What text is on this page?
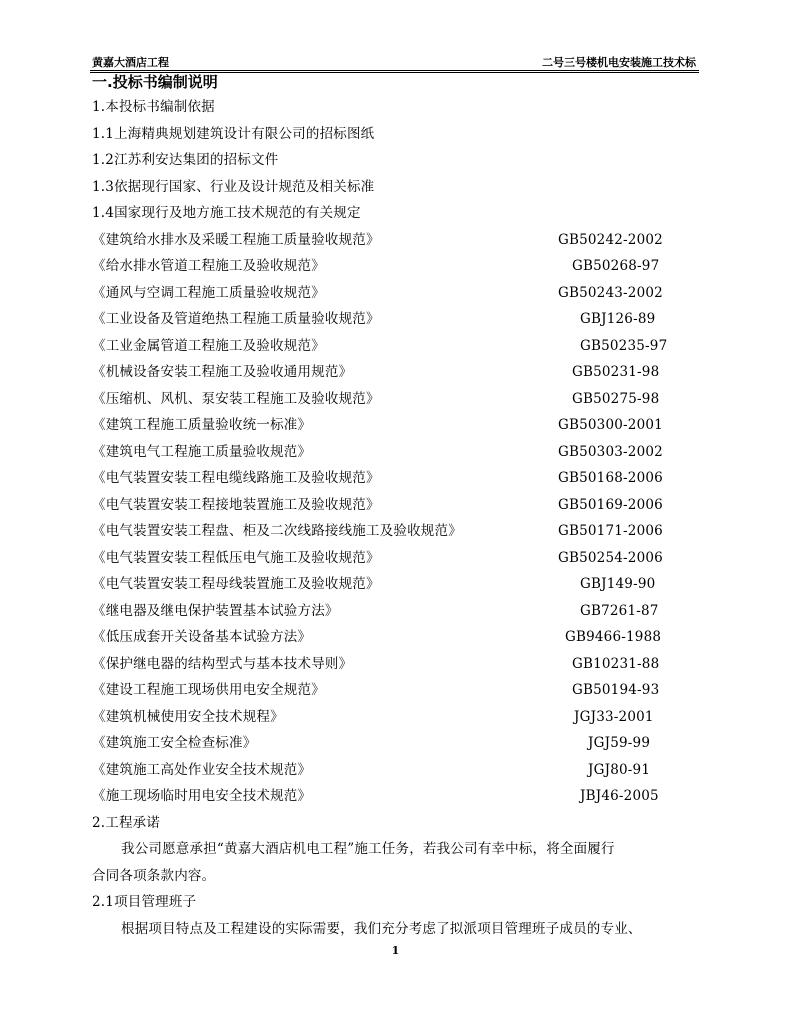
黄嘉大酒店工程	二号三号楼机电安装施工技术标
一.投标书编制说明
1.本投标书编制依据
1.1上海精典规划建筑设计有限公司的招标图纸
1.2江苏利安达集团的招标文件
1.3依据现行国家、行业及设计规范及相关标准
1.4国家现行及地方施工技术规范的有关规定
《建筑给水排水及采暖工程施工质量验收规范》	GB50242-2002
《给水排水管道工程施工及验收规范》	GB50268-97
《通风与空调工程施工质量验收规范》	GB50243-2002
《工业设备及管道绝热工程施工质量验收规范》	GBJ126-89
《工业金属管道工程施工及验收规范》	GB50235-97
《机械设备安装工程施工及验收通用规范》	GB50231-98
《压缩机、风机、泵安装工程施工及验收规范》	GB50275-98
《建筑工程施工质量验收统一标准》	GB50300-2001
《建筑电气工程施工质量验收规范》	GB50303-2002
《电气装置安装工程电缆线路施工及验收规范》	GB50168-2006
《电气装置安装工程接地装置施工及验收规范》	GB50169-2006
《电气装置安装工程盘、柜及二次线路接线施工及验收规范》	GB50171-2006
《电气装置安装工程低压电气施工及验收规范》	GB50254-2006
《电气装置安装工程母线装置施工及验收规范》	GBJ149-90
《继电器及继电保护装置基本试验方法》	GB7261-87
《低压成套开关设备基本试验方法》	GB9466-1988
《保护继电器的结构型式与基本技术导则》	GB10231-88
《建设工程施工现场供用电安全规范》	GB50194-93
《建筑机械使用安全技术规程》	JGJ33-2001
《建筑施工安全检查标准》	JGJ59-99
《建筑施工高处作业安全技术规范》	JGJ80-91
《施工现场临时用电安全技术规范》	JBJ46-2005
2.工程承诺
我公司愿意承担“黄嘉大酒店机电工程”施工任务，若我公司有幸中标，将全面履行
合同各项条款内容。
2.1项目管理班子
根据项目特点及工程建设的实际需要，我们充分考虑了拟派项目管理班子成员的专业、
1
